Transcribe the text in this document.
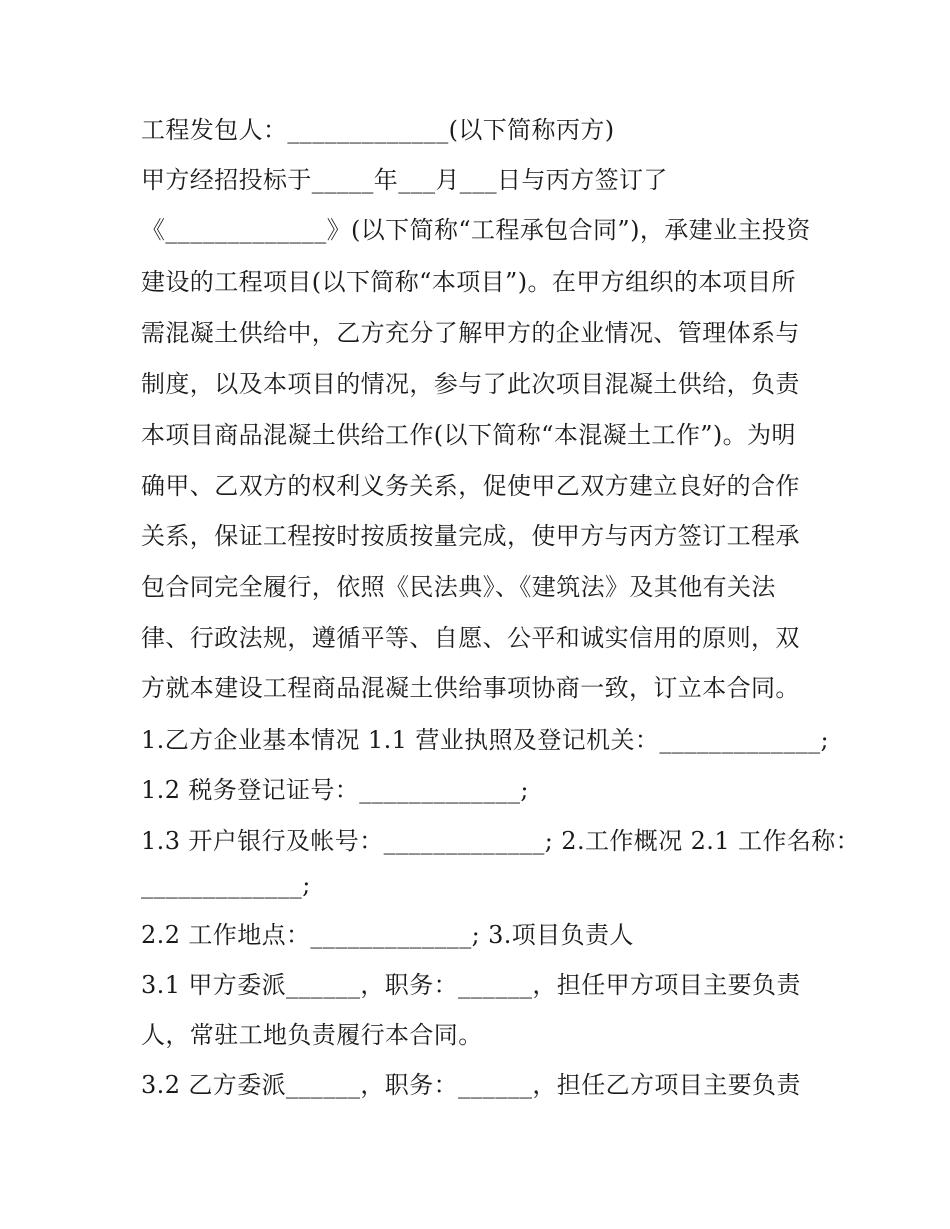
工程发包人：_____________(以下简称丙方)
甲方经招投标于_____年___月___日与丙方签订了
《_____________》(以下简称“工程承包合同”)，承建业主投资
建设的工程项目(以下简称“本项目”)。在甲方组织的本项目所
需混凝土供给中，乙方充分了解甲方的企业情况、管理体系与
制度，以及本项目的情况，参与了此次项目混凝土供给，负责
本项目商品混凝土供给工作(以下简称“本混凝土工作”)。为明
确甲、乙双方的权利义务关系，促使甲乙双方建立良好的合作
关系，保证工程按时按质按量完成，使甲方与丙方签订工程承
包合同完全履行，依照《民法典》、《建筑法》及其他有关法
律、行政法规，遵循平等、自愿、公平和诚实信用的原则，双
方就本建设工程商品混凝土供给事项协商一致，订立本合同。
1.乙方企业基本情况 1.1 营业执照及登记机关：_____________;
1.2 税务登记证号：_____________;
1.3 开户银行及帐号：_____________; 2.工作概况 2.1 工作名称：
_____________;
2.2 工作地点：_____________; 3.项目负责人
3.1 甲方委派______，职务：______，担任甲方项目主要负责
人，常驻工地负责履行本合同。
3.2 乙方委派______，职务：______，担任乙方项目主要负责
